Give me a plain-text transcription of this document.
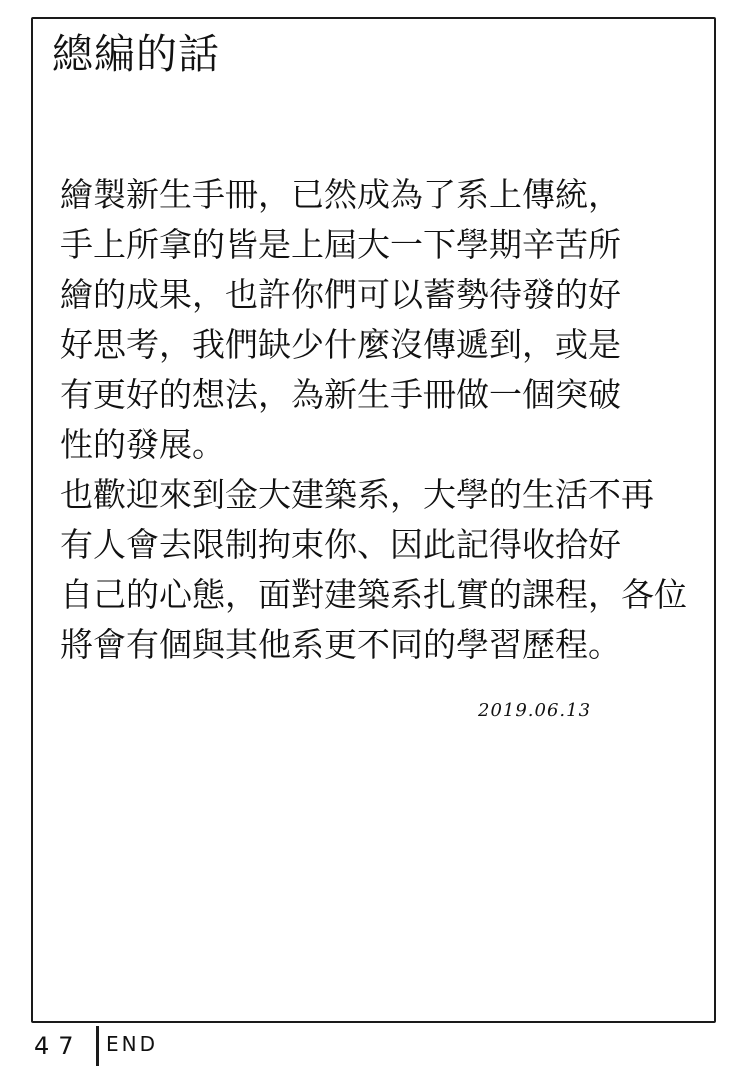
總編的話
繪製新生手冊，已然成為了系上傳統，
手上所拿的皆是上屆大一下學期辛苦所
繪的成果，也許你們可以蓄勢待發的好
好思考，我們缺少什麼沒傳遞到，或是
有更好的想法，為新生手冊做一個突破
性的發展。
也歡迎來到金大建築系，大學的生活不再
有人會去限制拘束你、因此記得收拾好
自己的心態，面對建築系扎實的課程，各位
將會有個與其他系更不同的學習歷程。
2019.06.13
47 END
